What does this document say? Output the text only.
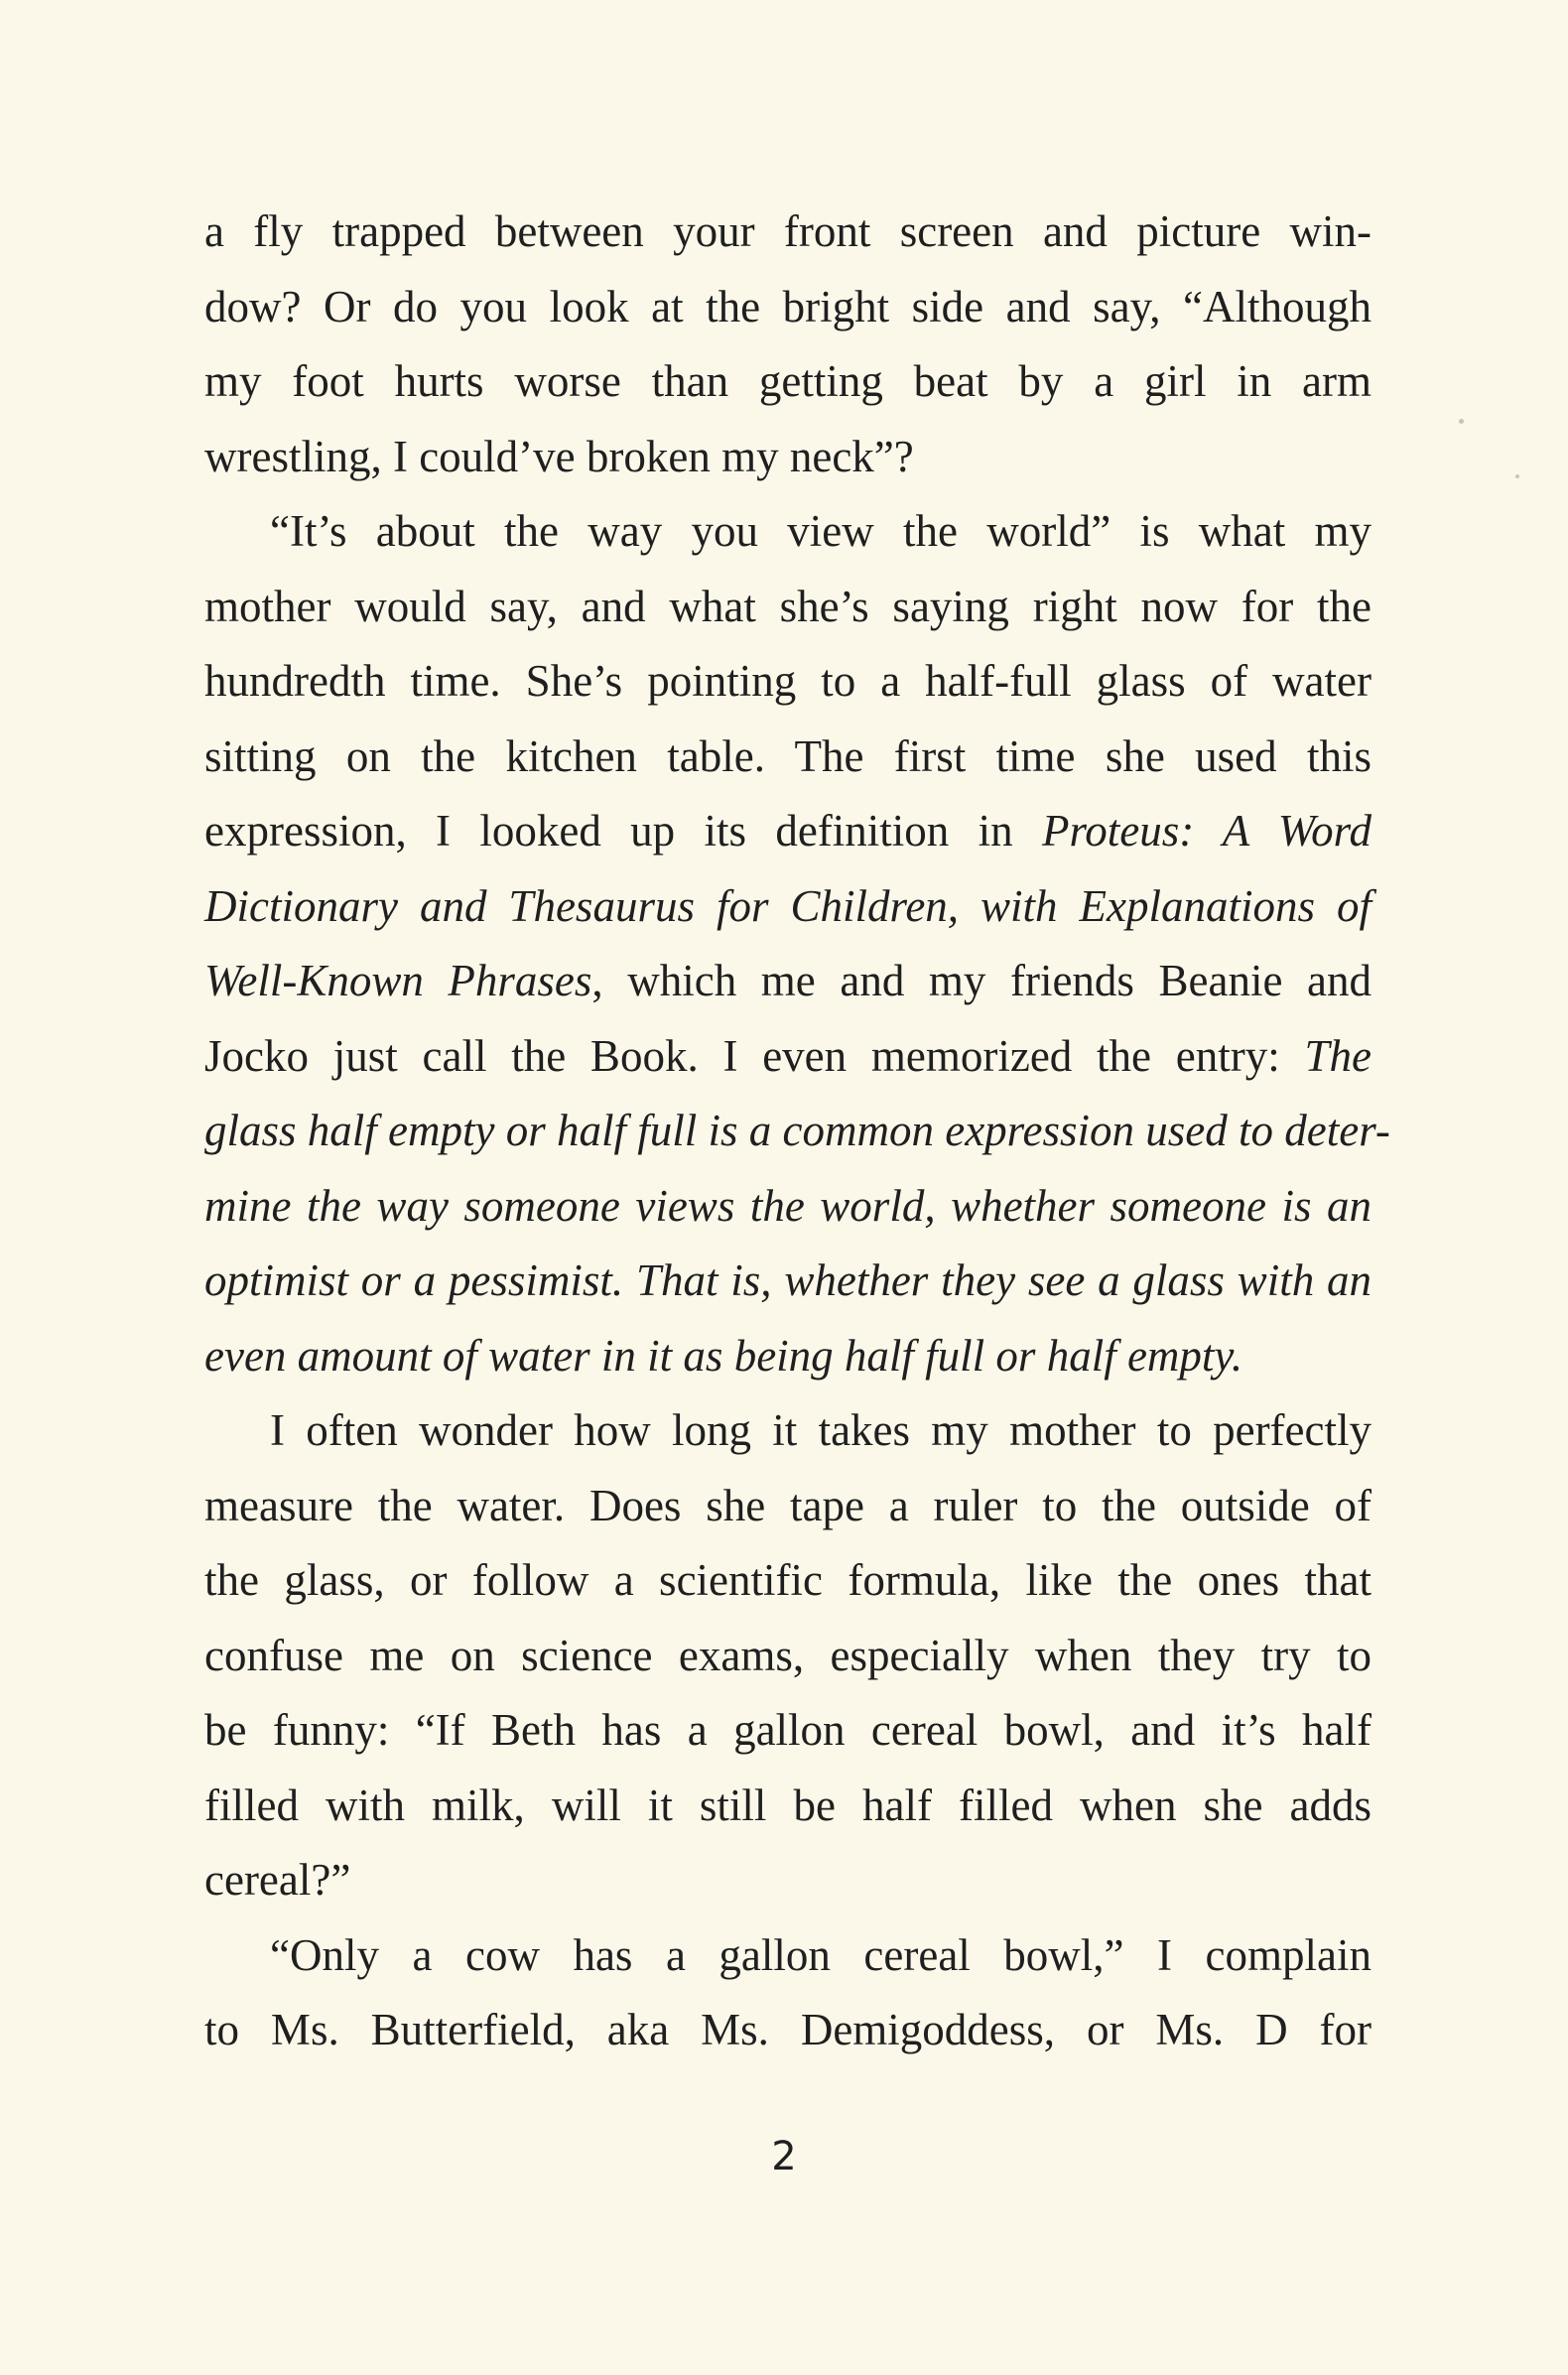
a fly trapped between your front screen and picture win-
dow? Or do you look at the bright side and say, “Although
my foot hurts worse than getting beat by a girl in arm
wrestling, I could’ve broken my neck”?
“It’s about the way you view the world” is what my
mother would say, and what she’s saying right now for the
hundredth time. She’s pointing to a half-full glass of water
sitting on the kitchen table. The first time she used this
expression, I looked up its definition in Proteus: A Word
Dictionary and Thesaurus for Children, with Explanations of
Well-Known Phrases, which me and my friends Beanie and
Jocko just call the Book. I even memorized the entry: The
glass half empty or half full is a common expression used to deter-
mine the way someone views the world, whether someone is an
optimist or a pessimist. That is, whether they see a glass with an
even amount of water in it as being half full or half empty.
I often wonder how long it takes my mother to perfectly
measure the water. Does she tape a ruler to the outside of
the glass, or follow a scientific formula, like the ones that
confuse me on science exams, especially when they try to
be funny: “If Beth has a gallon cereal bowl, and it’s half
filled with milk, will it still be half filled when she adds
cereal?”
“Only a cow has a gallon cereal bowl,” I complain
to Ms. Butterfield, aka Ms. Demigoddess, or Ms. D for
2
